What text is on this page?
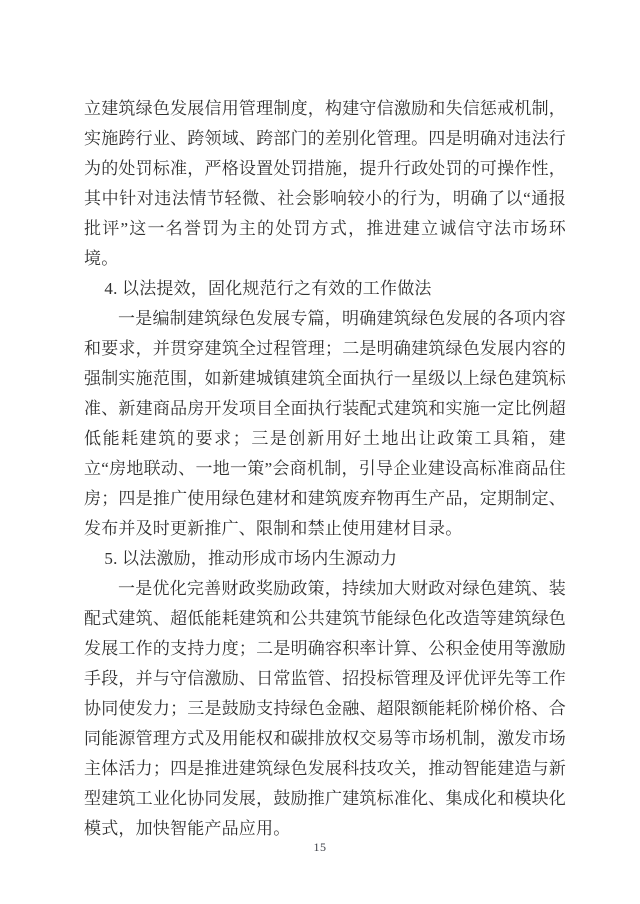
立建筑绿色发展信用管理制度，构建守信激励和失信惩戒机制，实施跨行业、跨领域、跨部门的差别化管理。四是明确对违法行为的处罚标准，严格设置处罚措施，提升行政处罚的可操作性，其中针对违法情节轻微、社会影响较小的行为，明确了以“通报批评”这一名誉罚为主的处罚方式，推进建立诚信守法市场环境。

4. 以法提效，固化规范行之有效的工作做法

一是编制建筑绿色发展专篇，明确建筑绿色发展的各项内容和要求，并贯穿建筑全过程管理；二是明确建筑绿色发展内容的强制实施范围，如新建城镇建筑全面执行一星级以上绿色建筑标准、新建商品房开发项目全面执行装配式建筑和实施一定比例超低能耗建筑的要求；三是创新用好土地出让政策工具箱，建立“房地联动、一地一策”会商机制，引导企业建设高标准商品住房；四是推广使用绿色建材和建筑废弃物再生产品，定期制定、发布并及时更新推广、限制和禁止使用建材目录。

5. 以法激励，推动形成市场内生源动力

一是优化完善财政奖励政策，持续加大财政对绿色建筑、装配式建筑、超低能耗建筑和公共建筑节能绿色化改造等建筑绿色发展工作的支持力度；二是明确容积率计算、公积金使用等激励手段，并与守信激励、日常监管、招投标管理及评优评先等工作协同使发力；三是鼓励支持绿色金融、超限额能耗阶梯价格、合同能源管理方式及用能权和碳排放权交易等市场机制，激发市场主体活力；四是推进建筑绿色发展科技攻关，推动智能建造与新型建筑工业化协同发展，鼓励推广建筑标准化、集成化和模块化模式，加快智能产品应用。

15
